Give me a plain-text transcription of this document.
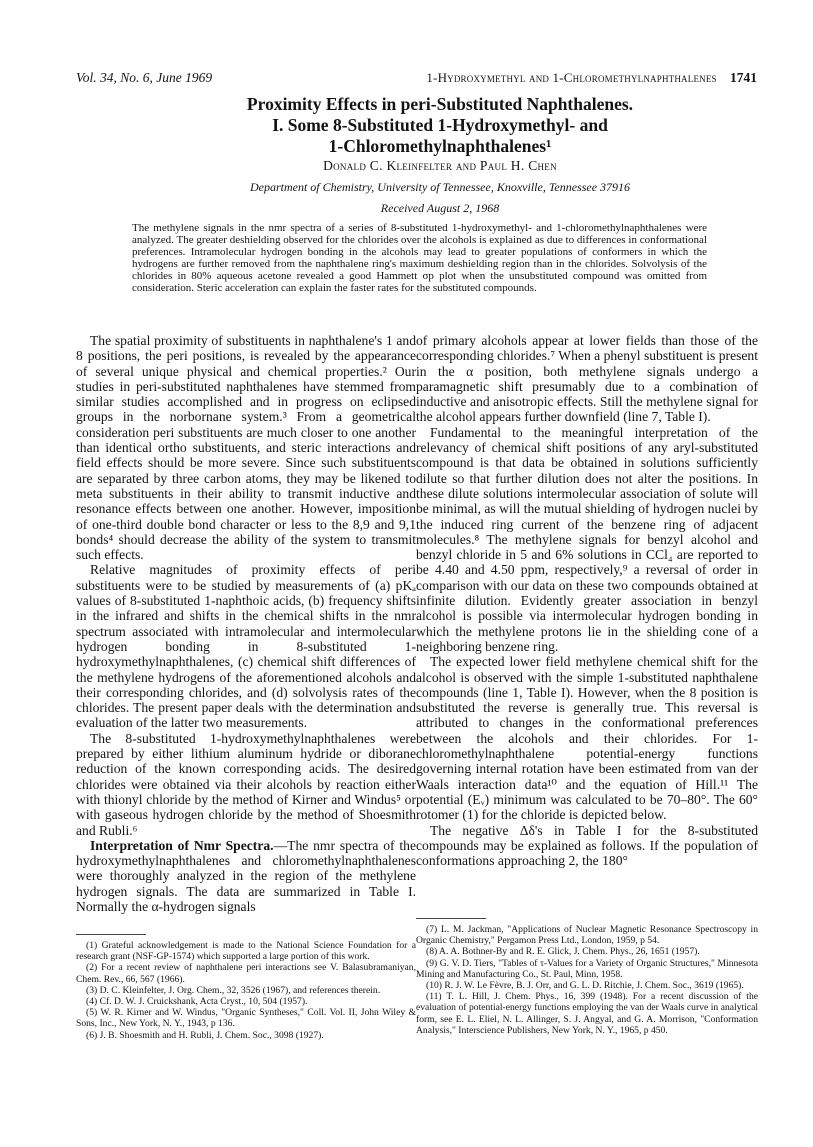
Vol. 34, No. 6, June 1969	1-Hydroxymethyl and 1-Chloromethylnaphthalenes 1741
Proximity Effects in peri-Substituted Naphthalenes.
I. Some 8-Substituted 1-Hydroxymethyl- and
1-Chloromethylnaphthalenes¹
Donald C. Kleinfelter and Paul H. Chen
Department of Chemistry, University of Tennessee, Knoxville, Tennessee 37916
Received August 2, 1968
The methylene signals in the nmr spectra of a series of 8-substituted 1-hydroxymethyl- and 1-chloromethylnaphthalenes were analyzed. The greater deshielding observed for the chlorides over the alcohols is explained as due to differences in conformational preferences. Intramolecular hydrogen bonding in the alcohols may lead to greater populations of conformers in which the hydrogens are further removed from the naphthalene ring's maximum deshielding region than in the chlorides. Solvolysis of the chlorides in 80% aqueous acetone revealed a good Hammett σp plot when the unsubstituted compound was omitted from consideration. Steric acceleration can explain the faster rates for the substituted compounds.

The spatial proximity of substituents in naphthalene's 1 and 8 positions, the peri positions, is revealed by the appearance of several unique physical and chemical properties.² Our studies in peri-substituted naphthalenes have stemmed from similar studies accomplished and in progress on eclipsed groups in the norbornane system.³ From a geometrical consideration peri substituents are much closer to one another than identical ortho substituents, and steric interactions and field effects should be more severe. Since such substituents are separated by three carbon atoms, they may be likened to meta substituents in their ability to transmit inductive and resonance effects between one another. However, imposition of one-third double bond character or less to the 8,9 and 9,1 bonds⁴ should decrease the ability of the system to transmit such effects.

Relative magnitudes of proximity effects of peri substituents were to be studied by measurements of (a) pKₐ values of 8-substituted 1-naphthoic acids, (b) frequency shifts in the infrared and shifts in the chemical shifts in the nmr spectrum associated with intramolecular and intermolecular hydrogen bonding in 8-substituted 1-hydroxymethylnaphthalenes, (c) chemical shift differences of the methylene hydrogens of the aforementioned alcohols and their corresponding chlorides, and (d) solvolysis rates of the chlorides. The present paper deals with the determination and evaluation of the latter two measurements.

The 8-substituted 1-hydroxymethylnaphthalenes were prepared by either lithium aluminum hydride or diborane reduction of the known corresponding acids. The desired chlorides were obtained via their alcohols by reaction either with thionyl chloride by the method of Kirner and Windus⁵ or with gaseous hydrogen chloride by the method of Shoesmith and Rubli.⁶

Interpretation of Nmr Spectra.—The nmr spectra of the hydroxymethylnaphthalenes and chloromethylnaphthalenes were thoroughly analyzed in the region of the methylene hydrogen signals. The data are summarized in Table I. Normally the α-hydrogen signals

of primary alcohols appear at lower fields than those of the corresponding chlorides.⁷ When a phenyl substituent is present in the α position, both methylene signals undergo a paramagnetic shift presumably due to a combination of inductive and anisotropic effects. Still the methylene signal for the alcohol appears further downfield (line 7, Table I).

Fundamental to the meaningful interpretation of the relevancy of chemical shift positions of any aryl-substituted compound is that data be obtained in solutions sufficiently dilute so that further dilution does not alter the positions. In these dilute solutions intermolecular association of solute will be minimal, as will the mutual shielding of hydrogen nuclei by the induced ring current of the benzene ring of adjacent molecules.⁸ The methylene signals for benzyl alcohol and benzyl chloride in 5 and 6% solutions in CCl₄ are reported to be 4.40 and 4.50 ppm, respectively,⁹ a reversal of order in comparison with our data on these two compounds obtained at infinite dilution. Evidently greater association in benzyl alcohol is possible via intermolecular hydrogen bonding in which the methylene protons lie in the shielding cone of a neighboring benzene ring.

The expected lower field methylene chemical shift for the alcohol is observed with the simple 1-substituted naphthalene compounds (line 1, Table I). However, when the 8 position is substituted the reverse is generally true. This reversal is attributed to changes in the conformational preferences between the alcohols and their chlorides. For 1-chloromethylnaphthalene potential-energy functions governing internal rotation have been estimated from van der Waals interaction data¹⁰ and the equation of Hill.¹¹ The potential (Eᵥ) minimum was calculated to be 70–80°. The 60° rotomer (1) for the chloride is depicted below.

The negative Δδ's in Table I for the 8-substituted compounds may be explained as follows. If the population of conformations approaching 2, the 180°

(1) Grateful acknowledgement is made to the National Science Foundation for a research grant (NSF-GP-1574) which supported a large portion of this work.

(2) For a recent review of naphthalene peri interactions see V. Balasubramaniyan, Chem. Rev., 66, 567 (1966).

(3) D. C. Kleinfelter, J. Org. Chem., 32, 3526 (1967), and references therein.

(4) Cf. D. W. J. Cruickshank, Acta Cryst., 10, 504 (1957).

(5) W. R. Kirner and W. Windus, "Organic Syntheses," Coll. Vol. II, John Wiley & Sons, Inc., New York, N. Y., 1943, p 136.

(6) J. B. Shoesmith and H. Rubli, J. Chem. Soc., 3098 (1927).

(7) L. M. Jackman, "Applications of Nuclear Magnetic Resonance Spectroscopy in Organic Chemistry," Pergamon Press Ltd., London, 1959, p 54.

(8) A. A. Bothner-By and R. E. Glick, J. Chem. Phys., 26, 1651 (1957).

(9) G. V. D. Tiers, "Tables of τ-Values for a Variety of Organic Structures," Minnesota Mining and Manufacturing Co., St. Paul, Minn, 1958.

(10) R. J. W. Le Fèvre, B. J. Orr, and G. L. D. Ritchie, J. Chem. Soc., 3619 (1965).

(11) T. L. Hill, J. Chem. Phys., 16, 399 (1948). For a recent discussion of the evaluation of potential-energy functions employing the van der Waals curve in analytical form, see E. L. Eliel, N. L. Allinger, S. J. Angyal, and G. A. Morrison, "Conformation Analysis," Interscience Publishers, New York, N. Y., 1965, p 450.
